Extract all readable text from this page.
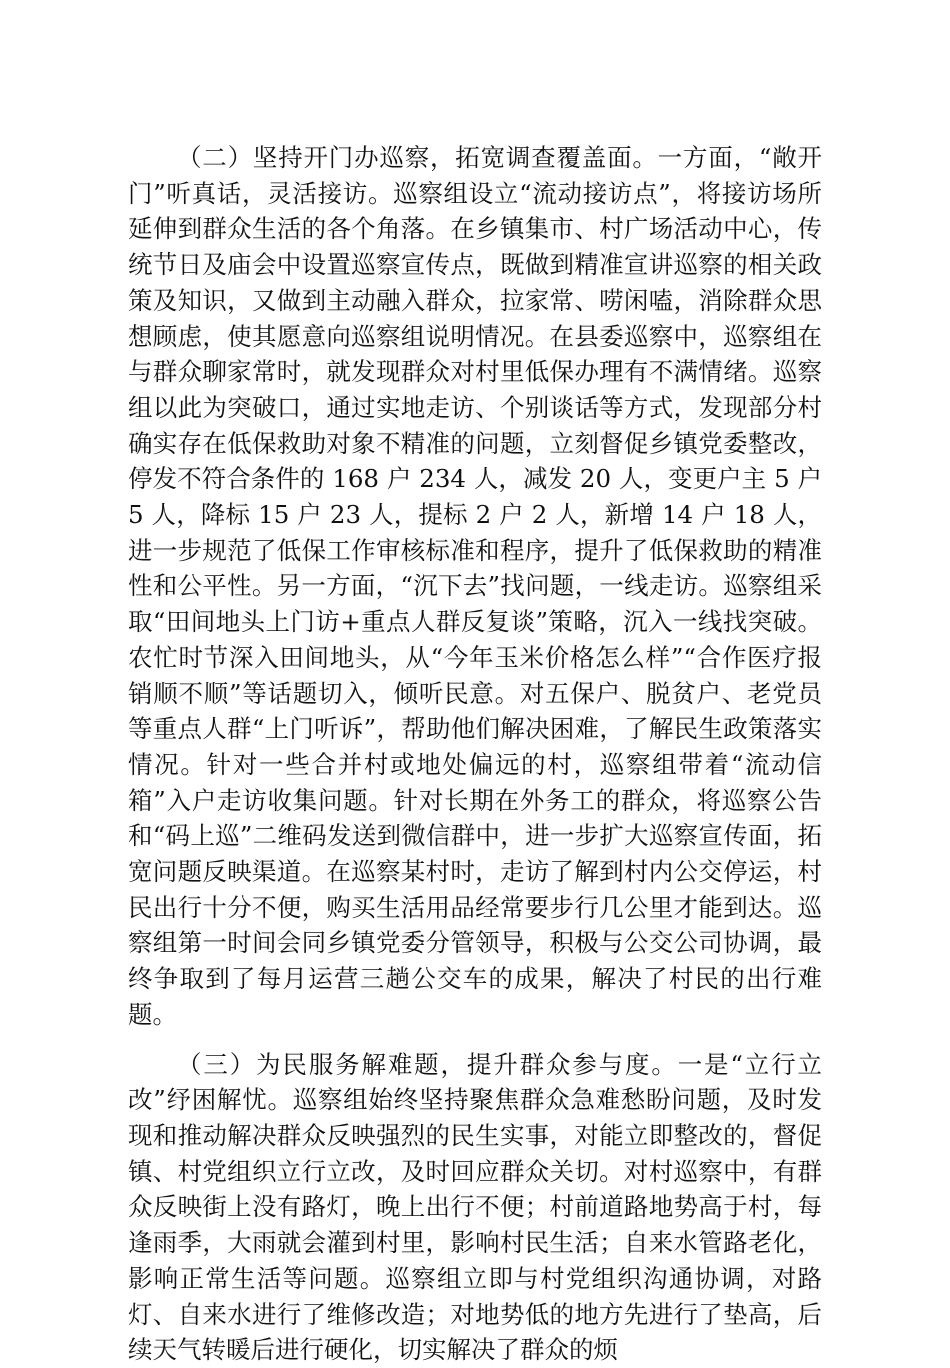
（二）坚持开门办巡察，拓宽调查覆盖面。一方面，“敞开门”听真话，灵活接访。巡察组设立“流动接访点”，将接访场所延伸到群众生活的各个角落。在乡镇集市、村广场活动中心，传统节日及庙会中设置巡察宣传点，既做到精准宣讲巡察的相关政策及知识，又做到主动融入群众，拉家常、唠闲嗑，消除群众思想顾虑，使其愿意向巡察组说明情况。在县委巡察中，巡察组在与群众聊家常时，就发现群众对村里低保办理有不满情绪。巡察组以此为突破口，通过实地走访、个别谈话等方式，发现部分村确实存在低保救助对象不精准的问题，立刻督促乡镇党委整改，停发不符合条件的 168 户 234 人，减发 20 人，变更户主 5 户 5 人，降标 15 户 23 人，提标 2 户 2 人，新增 14 户 18 人，进一步规范了低保工作审核标准和程序，提升了低保救助的精准性和公平性。另一方面，“沉下去”找问题，一线走访。巡察组采取“田间地头上门访+重点人群反复谈”策略，沉入一线找突破。农忙时节深入田间地头，从“今年玉米价格怎么样”“合作医疗报销顺不顺”等话题切入，倾听民意。对五保户、脱贫户、老党员等重点人群“上门听诉”，帮助他们解决困难，了解民生政策落实情况。针对一些合并村或地处偏远的村，巡察组带着“流动信箱”入户走访收集问题。针对长期在外务工的群众，将巡察公告和“码上巡”二维码发送到微信群中，进一步扩大巡察宣传面，拓宽问题反映渠道。在巡察某村时，走访了解到村内公交停运，村民出行十分不便，购买生活用品经常要步行几公里才能到达。巡察组第一时间会同乡镇党委分管领导，积极与公交公司协调，最终争取到了每月运营三趟公交车的成果，解决了村民的出行难题。

（三）为民服务解难题，提升群众参与度。一是“立行立改”纾困解忧。巡察组始终坚持聚焦群众急难愁盼问题，及时发现和推动解决群众反映强烈的民生实事，对能立即整改的，督促镇、村党组织立行立改，及时回应群众关切。对村巡察中，有群众反映街上没有路灯，晚上出行不便；村前道路地势高于村，每逢雨季，大雨就会灌到村里，影响村民生活；自来水管路老化，影响正常生活等问题。巡察组立即与村党组织沟通协调，对路灯、自来水进行了维修改造；对地势低的地方先进行了垫高，后续天气转暖后进行硬化，切实解决了群众的烦
